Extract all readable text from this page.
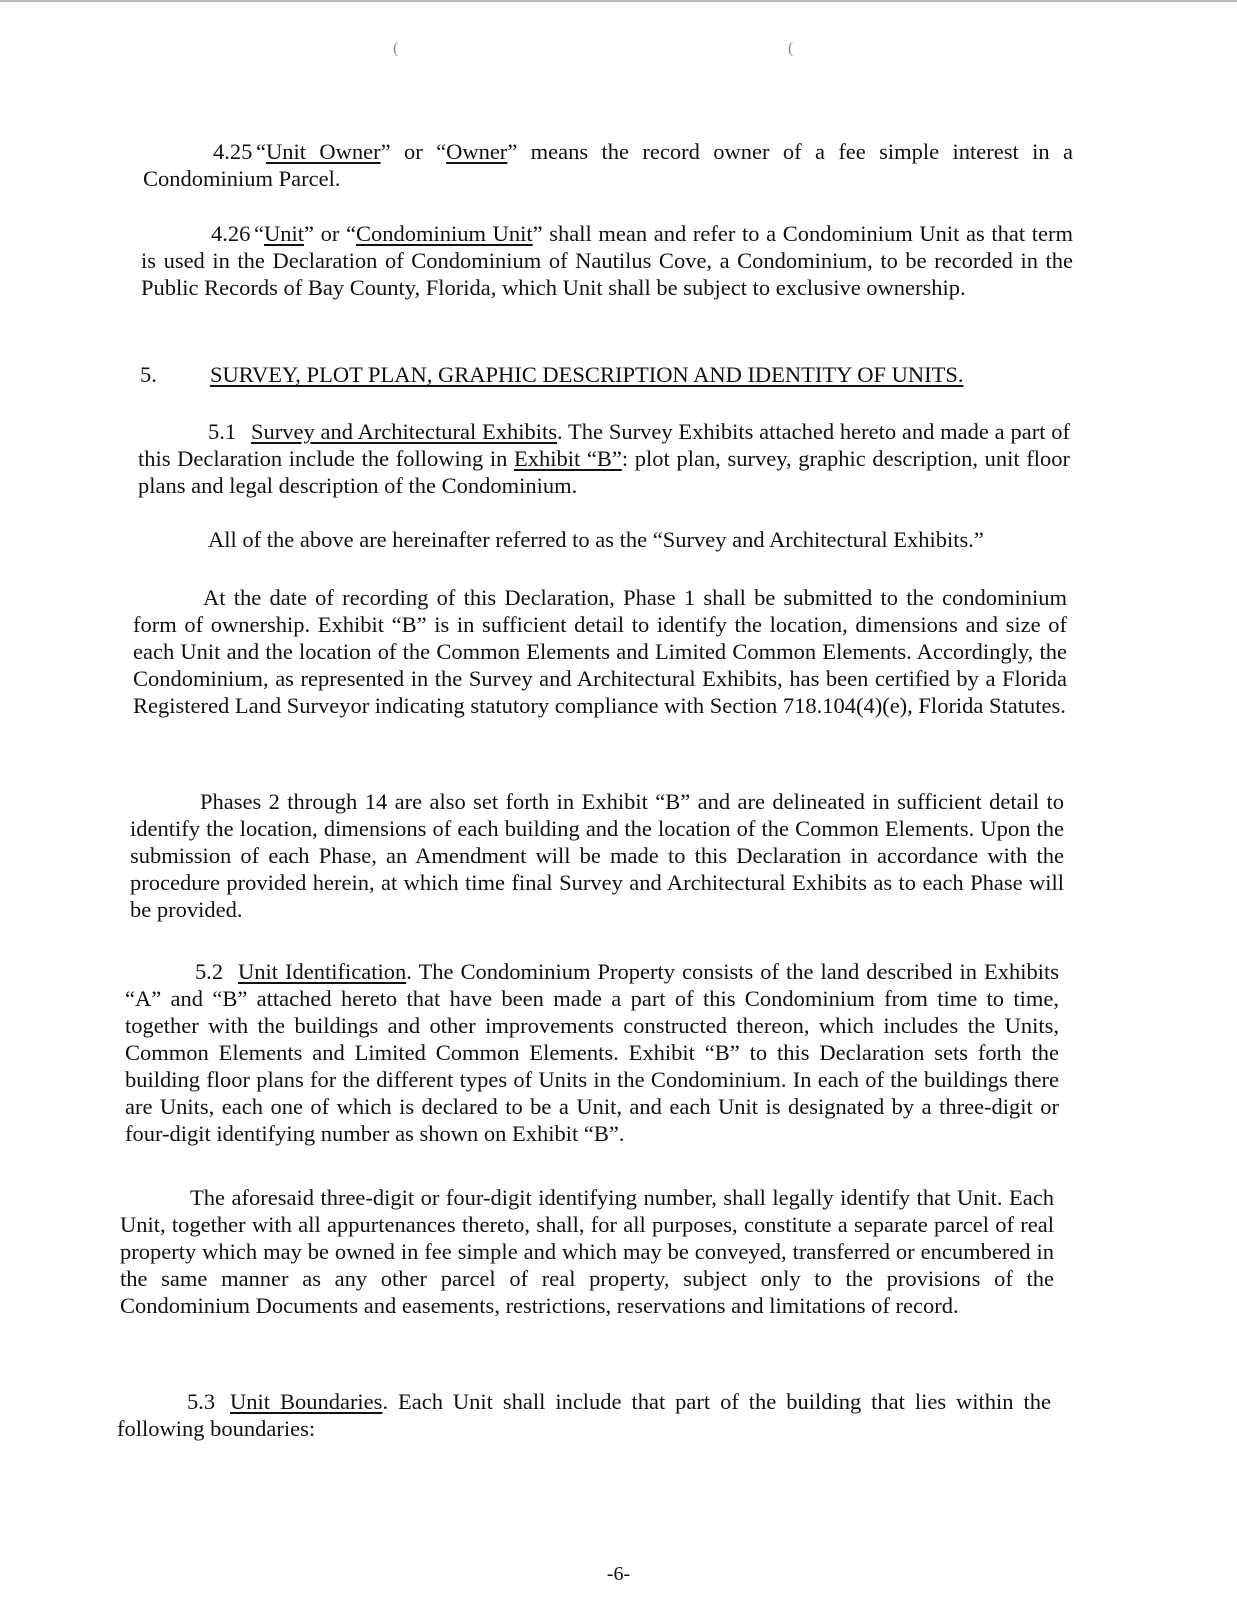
(	(

4.25 “Unit Owner” or “Owner” means the record owner of a fee simple interest in a Condominium Parcel.

4.26 “Unit” or “Condominium Unit” shall mean and refer to a Condominium Unit as that term is used in the Declaration of Condominium of Nautilus Cove, a Condominium, to be recorded in the Public Records of Bay County, Florida, which Unit shall be subject to exclusive ownership.

5. SURVEY, PLOT PLAN, GRAPHIC DESCRIPTION AND IDENTITY OF UNITS.

5.1 Survey and Architectural Exhibits. The Survey Exhibits attached hereto and made a part of this Declaration include the following in Exhibit “B”: plot plan, survey, graphic description, unit floor plans and legal description of the Condominium.

All of the above are hereinafter referred to as the “Survey and Architectural Exhibits.”

At the date of recording of this Declaration, Phase 1 shall be submitted to the condominium form of ownership. Exhibit “B” is in sufficient detail to identify the location, dimensions and size of each Unit and the location of the Common Elements and Limited Common Elements. Accordingly, the Condominium, as represented in the Survey and Architectural Exhibits, has been certified by a Florida Registered Land Surveyor indicating statutory compliance with Section 718.104(4)(e), Florida Statutes.

Phases 2 through 14 are also set forth in Exhibit “B” and are delineated in sufficient detail to identify the location, dimensions of each building and the location of the Common Elements. Upon the submission of each Phase, an Amendment will be made to this Declaration in accordance with the procedure provided herein, at which time final Survey and Architectural Exhibits as to each Phase will be provided.

5.2 Unit Identification. The Condominium Property consists of the land described in Exhibits “A” and “B” attached hereto that have been made a part of this Condominium from time to time, together with the buildings and other improvements constructed thereon, which includes the Units, Common Elements and Limited Common Elements. Exhibit “B” to this Declaration sets forth the building floor plans for the different types of Units in the Condominium. In each of the buildings there are Units, each one of which is declared to be a Unit, and each Unit is designated by a three-digit or four-digit identifying number as shown on Exhibit “B”.

The aforesaid three-digit or four-digit identifying number, shall legally identify that Unit. Each Unit, together with all appurtenances thereto, shall, for all purposes, constitute a separate parcel of real property which may be owned in fee simple and which may be conveyed, transferred or encumbered in the same manner as any other parcel of real property, subject only to the provisions of the Condominium Documents and easements, restrictions, reservations and limitations of record.

5.3 Unit Boundaries. Each Unit shall include that part of the building that lies within the following boundaries:

-6-
